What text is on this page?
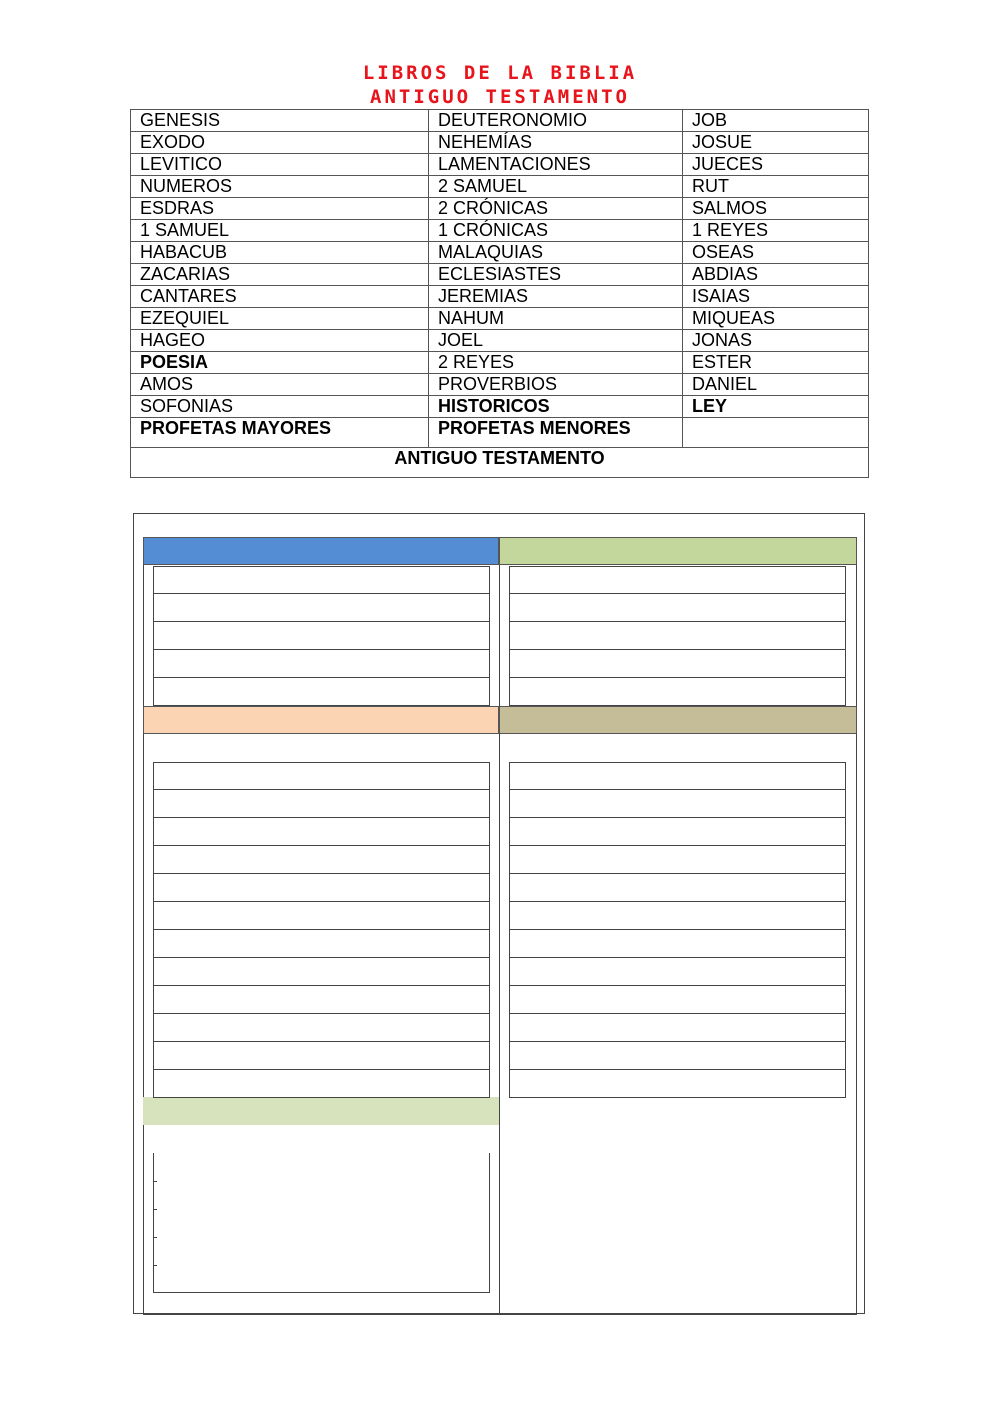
LIBROS DE LA BIBLIA
ANTIGUO TESTAMENTO
GENESIS	DEUTERONOMIO	JOB
EXODO	NEHEMÍAS	JOSUE
LEVITICO	LAMENTACIONES	JUECES
NUMEROS	2 SAMUEL	RUT
ESDRAS	2 CRÓNICAS	SALMOS
1 SAMUEL	1 CRÓNICAS	1 REYES
HABACUB	MALAQUIAS	OSEAS
ZACARIAS	ECLESIASTES	ABDIAS
CANTARES	JEREMIAS	ISAIAS
EZEQUIEL	NAHUM	MIQUEAS
HAGEO	JOEL	JONAS
POESIA	2 REYES	ESTER
AMOS	PROVERBIOS	DANIEL
SOFONIAS	HISTORICOS	LEY
PROFETAS MAYORES	PROFETAS MENORES	
ANTIGUO TESTAMENTO		
